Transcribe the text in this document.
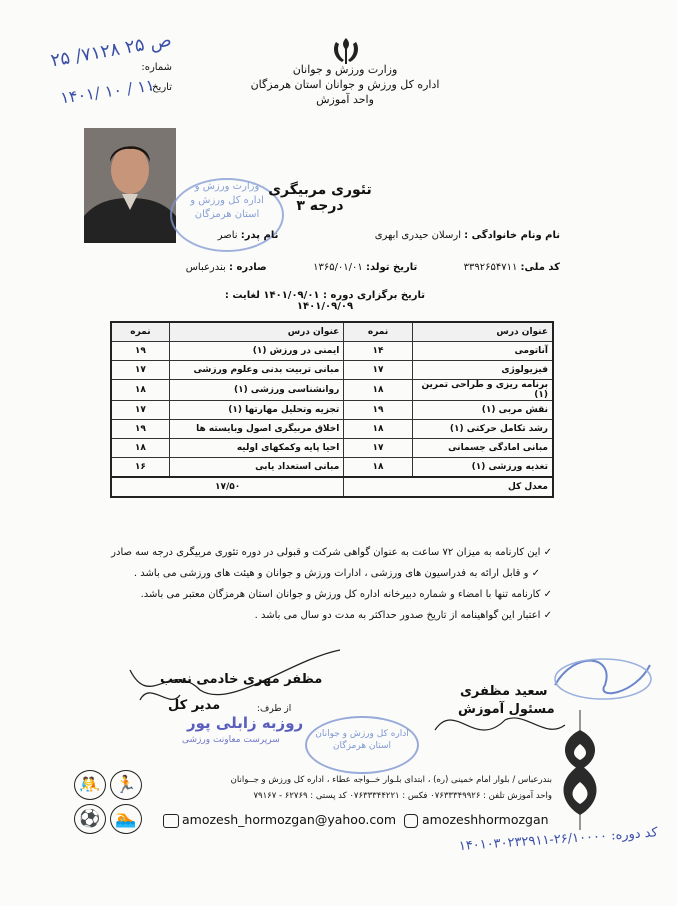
وزارت ورزش و جوانان
اداره کل ورزش و جوانان استان هرمزگان
واحد آموزش
شماره:
تاریخ:
۲۵ /۷۱۲۸ ص ۲۵
۱۴۰۱/ ۱۰ / ۱۱
وزارت ورزش و
اداره کل ورزش و
استان هرمزگان
تئوری مربیگری درجه ۳
نام ونام خانوادگی : ارسلان حیدری ابهری  نام پدر: ناصر
کد ملی: ۳۳۹۲۶۵۴۷۱۱  تاریخ تولد: ۱۳۶۵/۰۱/۰۱  صادره : بندرعباس
تاریخ برگزاری دوره : ۱۴۰۱/۰۹/۰۱ لغایت : ۱۴۰۱/۰۹/۰۹
عنوان درس	نمره	عنوان درس	نمره
آناتومی	۱۴	ایمنی در ورزش (۱)	۱۹
فیزیولوژی	۱۷	مبانی تربیت بدنی وعلوم ورزشی	۱۷
برنامه ریزی و طراحی تمرین (۱)	۱۸	روانشناسی ورزشی (۱)	۱۸
نقش مربی (۱)	۱۹	تجزیه وتحلیل مهارتها (۱)	۱۷
رشد تکامل حرکتی (۱)	۱۸	اخلاق مربیگری اصول وبایسته ها	۱۹
مبانی امادگی جسمانی	۱۷	احیا پایه وکمکهای اولیه	۱۸
تغذیه ورزشی (۱)	۱۸	مبانی استعداد یابی	۱۶
معدل کل		۱۷/۵۰	
✓ این کارنامه به میزان ۷۲ ساعت به عنوان گواهی شرکت و قبولی در دوره تئوری مربیگری درجه سه صادر
✓ و قابل ارائه به فدراسیون های ورزشی ، ادارات ورزش و جوانان و هیئت های ورزشی می باشد .
✓ کارنامه تنها با امضاء و شماره دبیرخانه اداره کل ورزش و جوانان استان هرمزگان معتبر می باشد.
✓ اعتبار این گواهینامه از تاریخ صدور حداکثر به مدت دو سال می باشد .
مظفر مهری خادمی نسب
مدیر کل	از طرف:
روزبه زابلی پور
سرپرست معاونت ورزشی
سعید مظفری
مسئول آموزش
اداره کل ورزش و جوانان
استان هرمزگان
بندرعباس / بلوار امام خمینی (ره) ، ابتدای بلـوار خــواجه عطاء ، اداره کل ورزش و جــوانان
واحد آموزش تلفن : ۰۷۶۳۳۳۴۹۹۲۶ فکس : ۰۷۶۳۳۳۴۴۲۲۱ کد پستی : ۶۲۷۶۹ - ۷۹۱۶۷
🤼 🏃
⚽ 🏊	amozesh_hormozgan@yahoo.com	amozeshhormozgan
کد دوره: ۲۶/۱۰۰۰۰-۱۴۰۱۰۳۰۲۳۲۹۱۱
